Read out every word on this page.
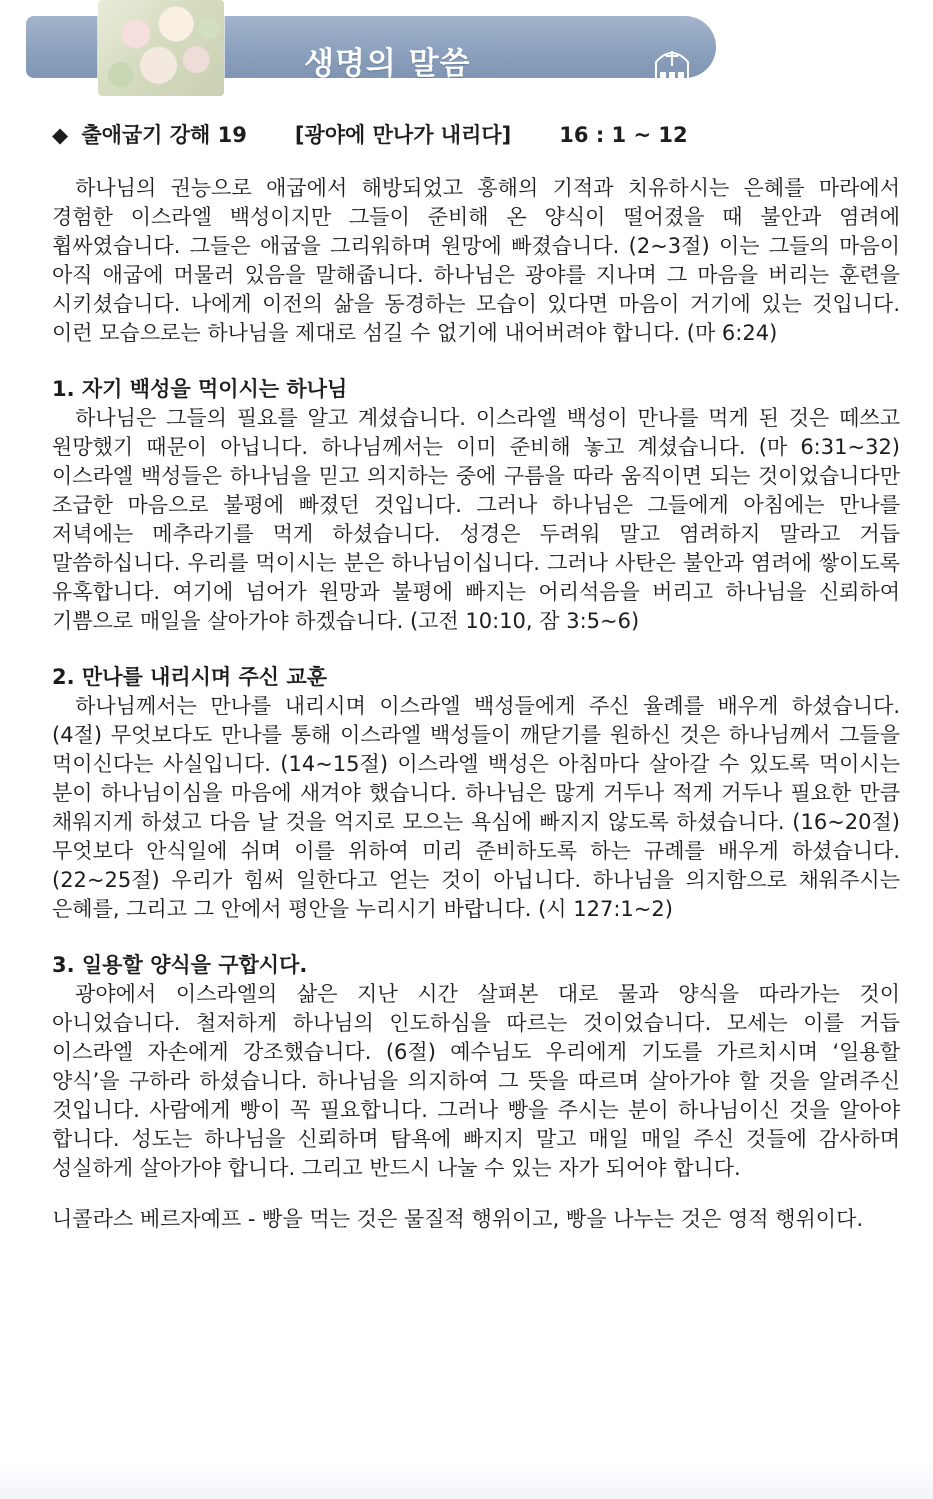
생명의 말씀
◆ 출애굽기 강해 19 [광야에 만나가 내리다] 16 : 1 ~ 12

하나님의 권능으로 애굽에서 해방되었고 홍해의 기적과 치유하시는 은혜를 마라에서 경험한 이스라엘 백성이지만 그들이 준비해 온 양식이 떨어졌을 때 불안과 염려에 휩싸였습니다. 그들은 애굽을 그리워하며 원망에 빠졌습니다. (2~3절) 이는 그들의 마음이 아직 애굽에 머물러 있음을 말해줍니다. 하나님은 광야를 지나며 그 마음을 버리는 훈련을 시키셨습니다. 나에게 이전의 삶을 동경하는 모습이 있다면 마음이 거기에 있는 것입니다. 이런 모습으로는 하나님을 제대로 섬길 수 없기에 내어버려야 합니다. (마 6:24)

1. 자기 백성을 먹이시는 하나님

하나님은 그들의 필요를 알고 계셨습니다. 이스라엘 백성이 만나를 먹게 된 것은 떼쓰고 원망했기 때문이 아닙니다. 하나님께서는 이미 준비해 놓고 계셨습니다. (마 6:31~32) 이스라엘 백성들은 하나님을 믿고 의지하는 중에 구름을 따라 움직이면 되는 것이었습니다만 조급한 마음으로 불평에 빠졌던 것입니다. 그러나 하나님은 그들에게 아침에는 만나를 저녁에는 메추라기를 먹게 하셨습니다. 성경은 두려워 말고 염려하지 말라고 거듭 말씀하십니다. 우리를 먹이시는 분은 하나님이십니다. 그러나 사탄은 불안과 염려에 쌓이도록 유혹합니다. 여기에 넘어가 원망과 불평에 빠지는 어리석음을 버리고 하나님을 신뢰하여 기쁨으로 매일을 살아가야 하겠습니다. (고전 10:10, 잠 3:5~6)

2. 만나를 내리시며 주신 교훈

하나님께서는 만나를 내리시며 이스라엘 백성들에게 주신 율례를 배우게 하셨습니다. (4절) 무엇보다도 만나를 통해 이스라엘 백성들이 깨닫기를 원하신 것은 하나님께서 그들을 먹이신다는 사실입니다. (14~15절) 이스라엘 백성은 아침마다 살아갈 수 있도록 먹이시는 분이 하나님이심을 마음에 새겨야 했습니다. 하나님은 많게 거두나 적게 거두나 필요한 만큼 채워지게 하셨고 다음 날 것을 억지로 모으는 욕심에 빠지지 않도록 하셨습니다. (16~20절) 무엇보다 안식일에 쉬며 이를 위하여 미리 준비하도록 하는 규례를 배우게 하셨습니다. (22~25절) 우리가 힘써 일한다고 얻는 것이 아닙니다. 하나님을 의지함으로 채워주시는 은혜를, 그리고 그 안에서 평안을 누리시기 바랍니다. (시 127:1~2)

3. 일용할 양식을 구합시다.

광야에서 이스라엘의 삶은 지난 시간 살펴본 대로 물과 양식을 따라가는 것이 아니었습니다. 철저하게 하나님의 인도하심을 따르는 것이었습니다. 모세는 이를 거듭 이스라엘 자손에게 강조했습니다. (6절) 예수님도 우리에게 기도를 가르치시며 ‘일용할 양식’을 구하라 하셨습니다. 하나님을 의지하여 그 뜻을 따르며 살아가야 할 것을 알려주신 것입니다. 사람에게 빵이 꼭 필요합니다. 그러나 빵을 주시는 분이 하나님이신 것을 알아야 합니다. 성도는 하나님을 신뢰하며 탐욕에 빠지지 말고 매일 매일 주신 것들에 감사하며 성실하게 살아가야 합니다. 그리고 반드시 나눌 수 있는 자가 되어야 합니다.

니콜라스 베르자예프 - 빵을 먹는 것은 물질적 행위이고, 빵을 나누는 것은 영적 행위이다.
